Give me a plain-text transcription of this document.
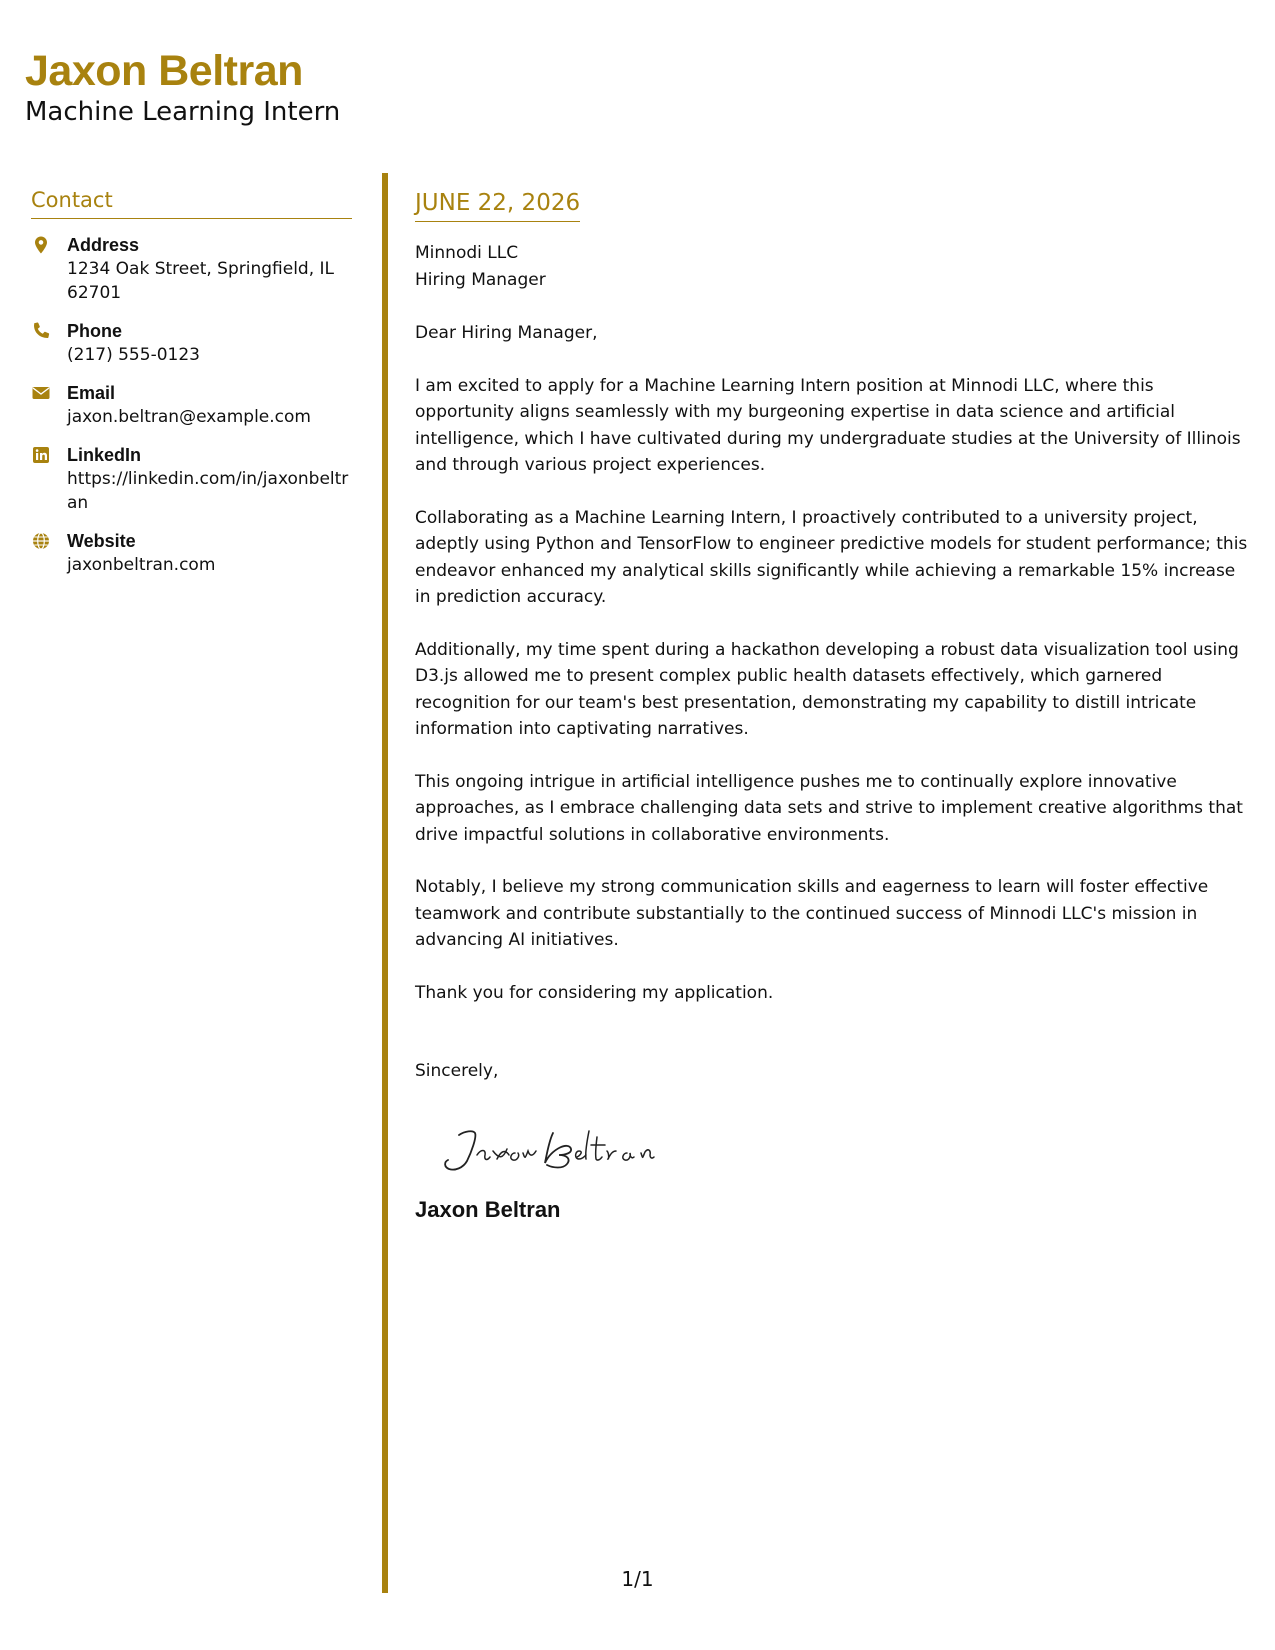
Jaxon Beltran
Machine Learning Intern
Contact
Address
1234 Oak Street, Springfield, IL 62701
Phone
(217) 555-0123
Email
jaxon.beltran@example.com
LinkedIn
https://linkedin.com/in/jaxonbeltran
Website
jaxonbeltran.com
JUNE 22, 2026
Minnodi LLC
Hiring Manager

Dear Hiring Manager,

I am excited to apply for a Machine Learning Intern position at Minnodi LLC, where this opportunity aligns seamlessly with my burgeoning expertise in data science and artificial intelligence, which I have cultivated during my undergraduate studies at the University of Illinois and through various project experiences.

Collaborating as a Machine Learning Intern, I proactively contributed to a university project, adeptly using Python and TensorFlow to engineer predictive models for student performance; this endeavor enhanced my analytical skills significantly while achieving a remarkable 15% increase in prediction accuracy.

Additionally, my time spent during a hackathon developing a robust data visualization tool using D3.js allowed me to present complex public health datasets effectively, which garnered recognition for our team's best presentation, demonstrating my capability to distill intricate information into captivating narratives.

This ongoing intrigue in artificial intelligence pushes me to continually explore innovative approaches, as I embrace challenging data sets and strive to implement creative algorithms that drive impactful solutions in collaborative environments.

Notably, I believe my strong communication skills and eagerness to learn will foster effective teamwork and contribute substantially to the continued success of Minnodi LLC's mission in advancing AI initiatives.

Thank you for considering my application.

Sincerely,

Jaxon Beltran
1/1
